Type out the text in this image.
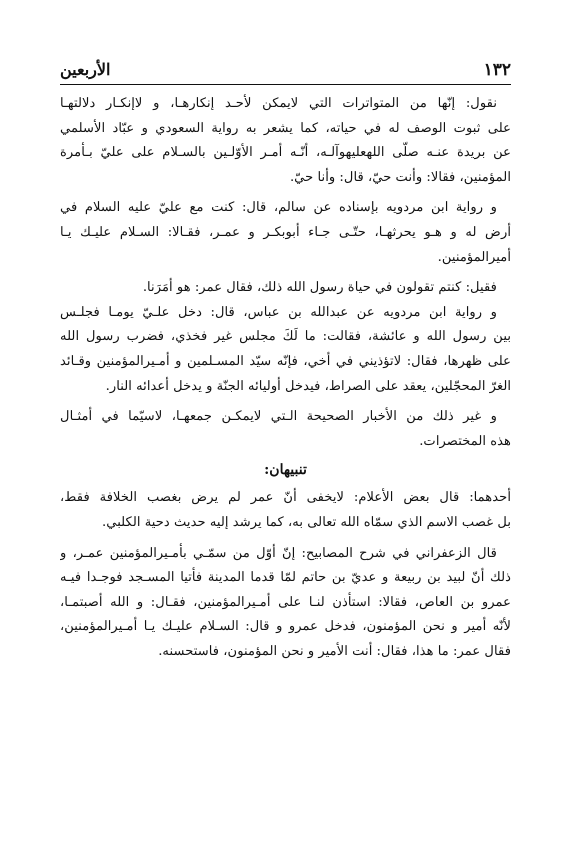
١٣٢
الأربعين
نقول: إنّها من المتواترات التي لايمكن لأحـد إنكارهـا، و لاإنكـار دلالتهـا
على ثبوت الوصف له في حياته، كما يشعر به رواية السعودي و عبّاد الأسلمي
عن بريدة عنـه صلّى اللهعليهوآلـه، أنّـه أمـر الأوّلـين بالسـلام على عليّ بـأمرة
المؤمنين، فقالا: وأنت حيّ، قال: وأنا حيّ.
و رواية ابن مردويه بإسناده عن سالم، قال: كنت مع عليّ عليه السلام في
أرض له و هـو يحرثهـا، حتّـى جـاء أبوبكـر و عمـر، فقـالا: السـلام عليـك يـا
أميرالمؤمنين.
فقيل: كنتم تقولون في حياة رسول الله ذلك، فقال عمر: هو أمَرَنا.
و رواية ابن مردويه عن عبدالله بن عباس، قال: دخل علـيّ يومـا فجلـس
بين رسول الله و عائشة، فقالت: ما لَكَ مجلس غير فخذي، فضرب رسول الله
على ظهرها، فقال: لاتؤذيني في أخي، فإنّه سيّد المسـلمين و أمـيرالمؤمنين وقـائد
الغرّ المحجّلين، يعقد على الصراط، فيدخل أوليائه الجنّة و يدخل أعدائه النار.
و غير ذلك من الأخبار الصحيحة الـتي لايمكـن جمعهـا، لاسيّما في أمثـال
هذه المختصرات.
تنبيهان:
أحدهما: قال بعض الأعلام: لايخفى أنّ عمر لم يرض بغصب الخلافة فقط،
بل غصب الاسم الذي سمّاه الله تعالى به، كما يرشد إليه حديث دحية الكلبي.
قال الزعفراني في شرح المصابيح: إنّ أوّل من سمّـي بأمـيرالمؤمنين عمـر، و
ذلك أنّ لبيد بن ربيعة و عديّ بن حاتم لمّا قدما المدينة فأتيا المسـجد فوجـدا فيـه
عمرو بن العاص، فقالا: استأذن لنـا على أمـيرالمؤمنين، فقـال: و الله أصبتمـا،
لأنّه أمير و نحن المؤمنون، فدخل عمرو و قال: السـلام عليـك يـا أمـيرالمؤمنين،
فقال عمر: ما هذا، فقال: أنت الأمير و نحن المؤمنون، فاستحسنه.
